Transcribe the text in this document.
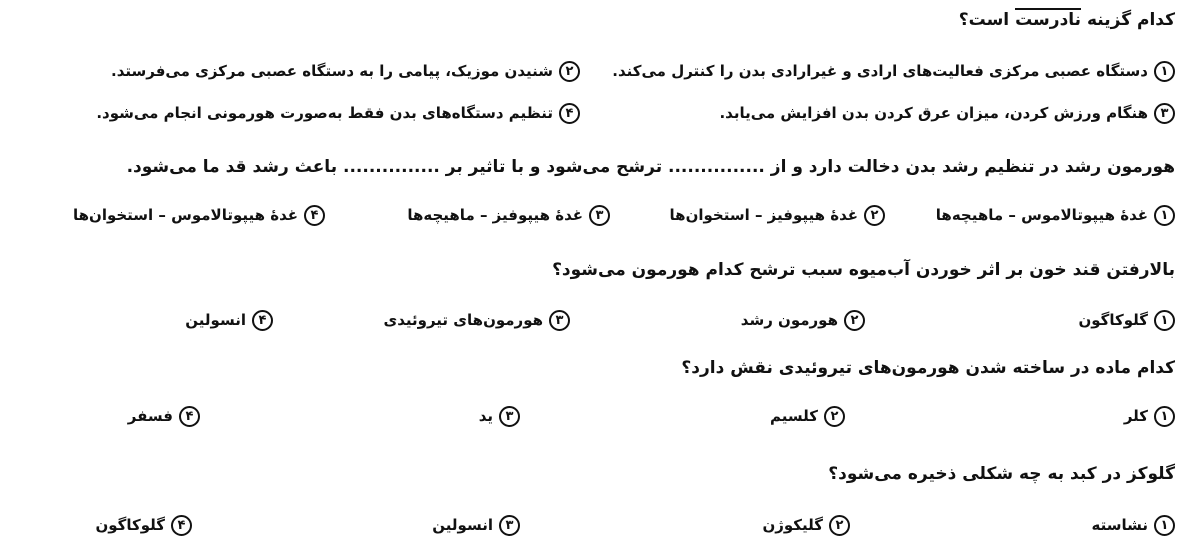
کدام گزینه نادرست است؟
۱
دستگاه عصبی مرکزی فعالیت‌های ارادی و غیرارادی بدن را کنترل می‌کند.
۲
شنیدن موزیک، پیامی را به دستگاه عصبی مرکزی می‌فرستد.
۳
هنگام ورزش کردن، میزان عرق کردن بدن افزایش می‌یابد.
۴
تنظیم دستگاه‌های بدن فقط به‌صورت هورمونی انجام می‌شود.
هورمون رشد در تنظیم رشد بدن دخالت دارد و از ............... ترشح می‌شود و با تاثیر بر ............... باعث رشد قد ما می‌شود.
۱
غدۀ هیپوتالاموس – ماهیچه‌ها
۲
غدۀ هیپوفیز – استخوان‌ها
۳
غدۀ هیپوفیز – ماهیچه‌ها
۴
غدۀ هیپوتالاموس – استخوان‌ها
بالارفتن قند خون بر اثر خوردن آب‌میوه سبب ترشح کدام هورمون می‌شود؟
۱
گلوکاگون
۲
هورمون رشد
۳
هورمون‌های تیروئیدی
۴
انسولین
کدام ماده در ساخته شدن هورمون‌های تیروئیدی نقش دارد؟
۱
کلر
۲
کلسیم
۳
ید
۴
فسفر
گلوکز در کبد به چه شکلی ذخیره می‌شود؟
۱
نشاسته
۲
گلیکوژن
۳
انسولین
۴
گلوکاگون
